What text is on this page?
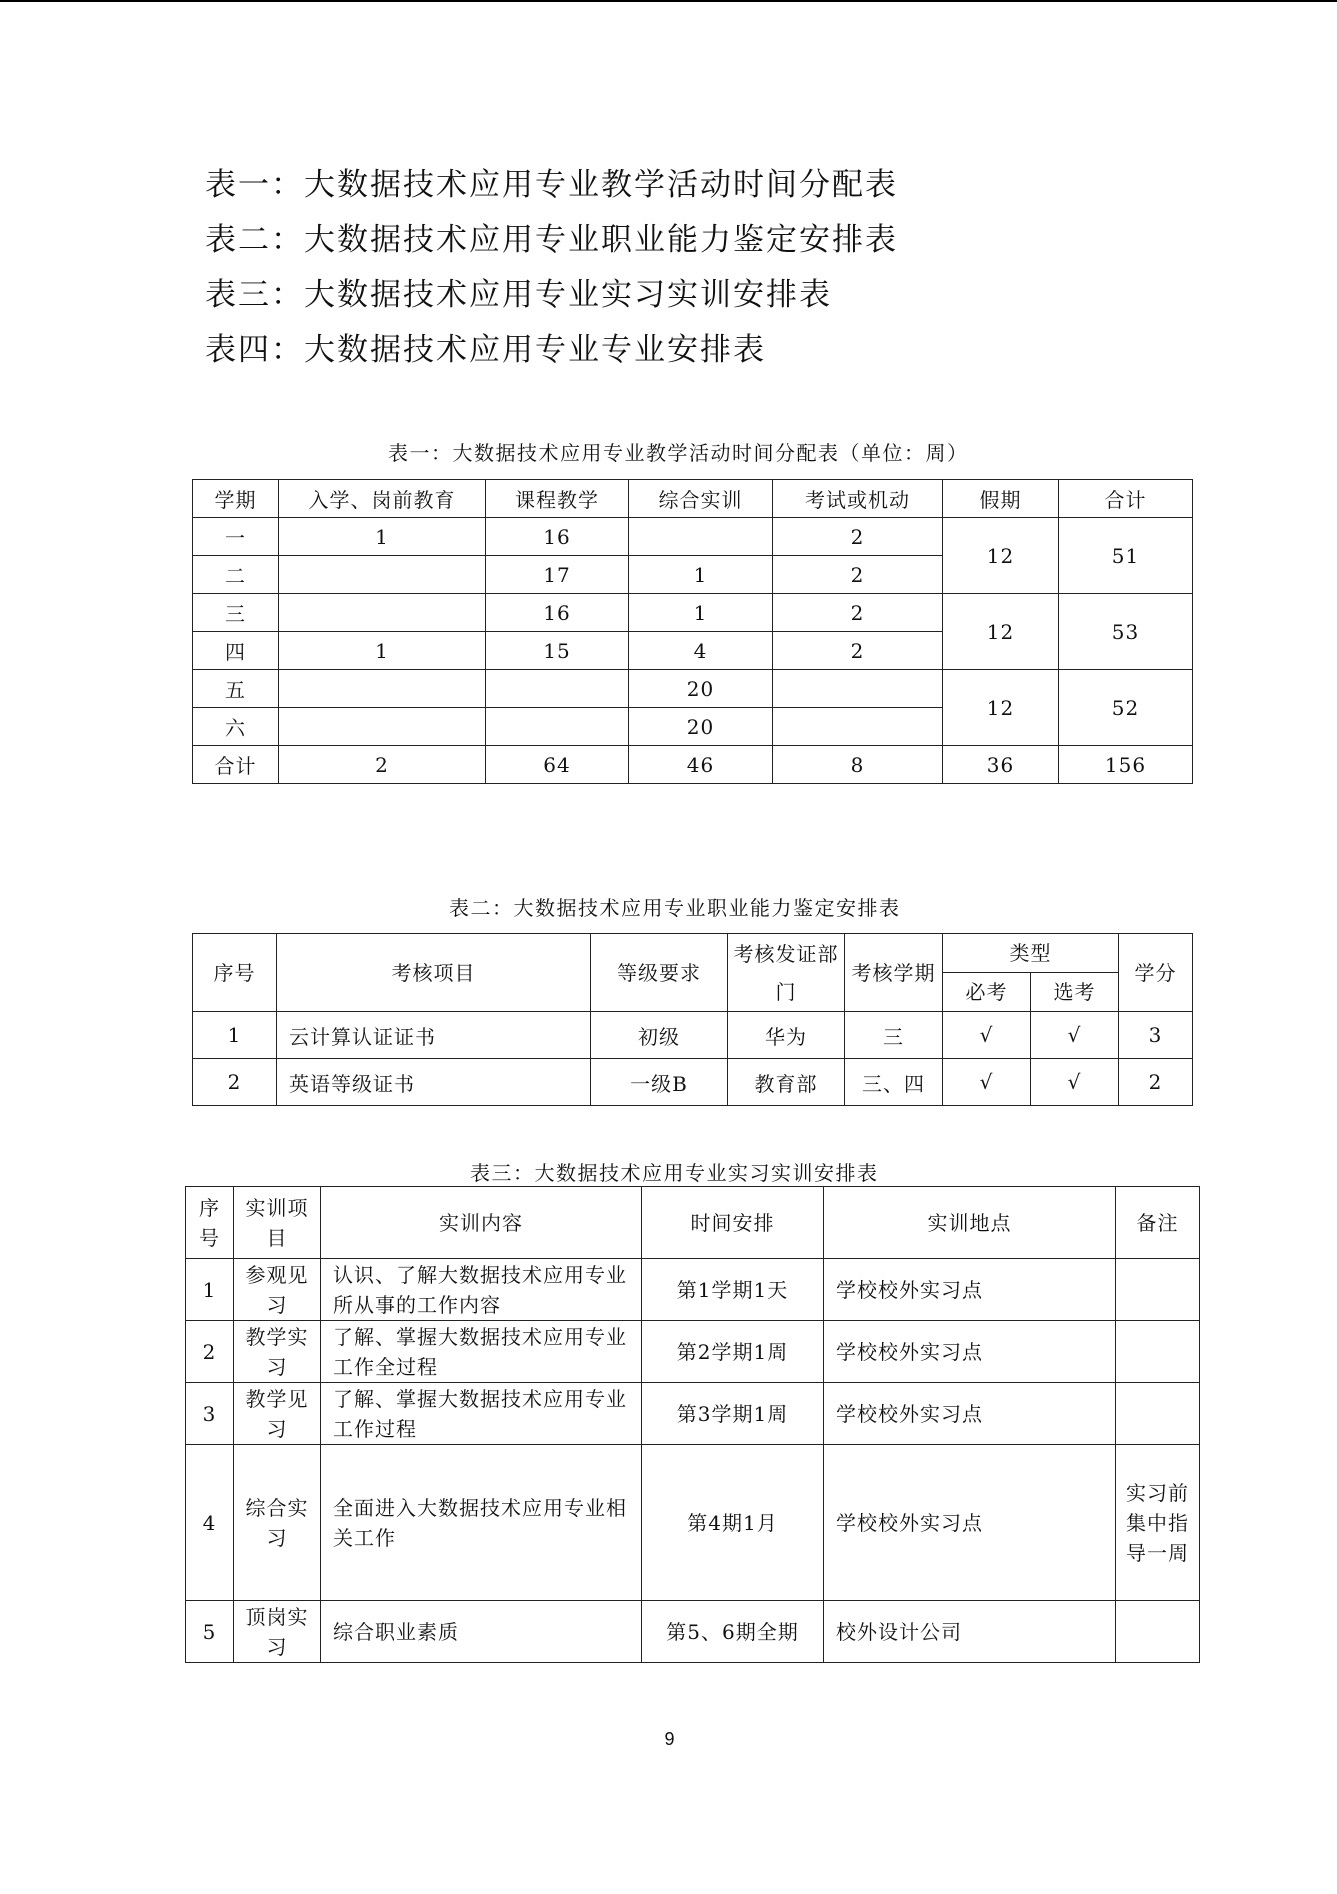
表一：大数据技术应用专业教学活动时间分配表
表二：大数据技术应用专业职业能力鉴定安排表
表三：大数据技术应用专业实习实训安排表
表四：大数据技术应用专业专业安排表
表一：大数据技术应用专业教学活动时间分配表（单位：周）
学期	入学、岗前教育	课程教学	综合实训	考试或机动	假期	合计
一	1	16		2	12	51
二		17	1	2		
三		16	1	2	12	53
四	1	15	4	2		
五			20		12	52
六			20			
合计	2	64	46	8	36	156
表二：大数据技术应用专业职业能力鉴定安排表
序号	考核项目	等级要求	考核发证部门	考核学期	类型		学分
					必考	选考	
1	云计算认证证书	初级	华为	三	√	√	3
2	英语等级证书	一级B	教育部	三、四	√	√	2
表三：大数据技术应用专业实习实训安排表
序号	实训项目	实训内容	时间安排	实训地点	备注
1	参观见习	认识、了解大数据技术应用专业所从事的工作内容	第1学期1天	学校校外实习点	
2	教学实习	了解、掌握大数据技术应用专业工作全过程	第2学期1周	学校校外实习点	
3	教学见习	了解、掌握大数据技术应用专业工作过程	第3学期1周	学校校外实习点	
4	综合实习	全面进入大数据技术应用专业相关工作	第4期1月	学校校外实习点	实习前集中指导一周
5	顶岗实习	综合职业素质	第5、6期全期	校外设计公司	
9
